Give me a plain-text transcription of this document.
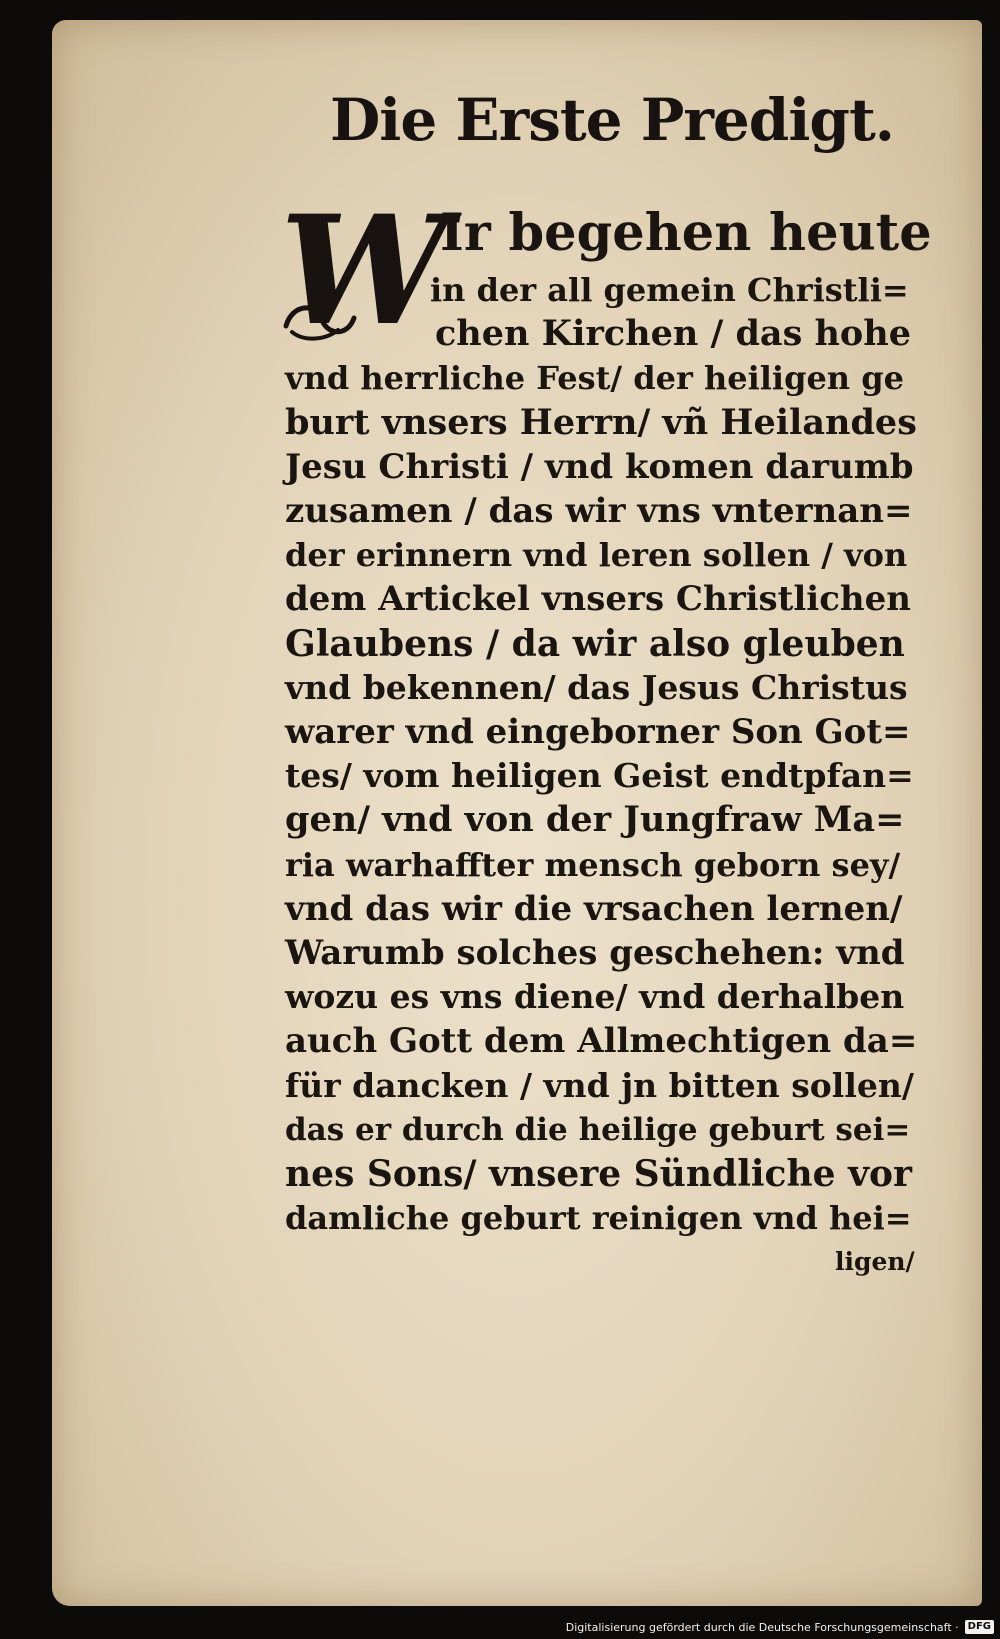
Die Erste Predigt.
W
Ir begehen heute
in der all gemein Christli=
chen Kirchen / das hohe
vnd herrliche Fest/ der heiligen ge
burt vnsers Herrn/ vñ Heilandes
Jesu Christi / vnd komen darumb
zusamen / das wir vns vnternan=
der erinnern vnd leren sollen / von
dem Artickel vnsers Christlichen
Glaubens / da wir also gleuben
vnd bekennen/ das Jesus Christus
warer vnd eingeborner Son Got=
tes/ vom heiligen Geist endtpfan=
gen/ vnd von der Jungfraw Ma=
ria warhaffter mensch geborn sey/
vnd das wir die vrsachen lernen/
Warumb solches geschehen: vnd
wozu es vns diene/ vnd derhalben
auch Gott dem Allmechtigen da=
für dancken / vnd jn bitten sollen/
das er durch die heilige geburt sei=
nes Sons/ vnsere Sündliche vor
damliche geburt reinigen vnd hei=
ligen/
Digitalisierung gefördert durch die Deutsche Forschungsgemeinschaft · DFG
